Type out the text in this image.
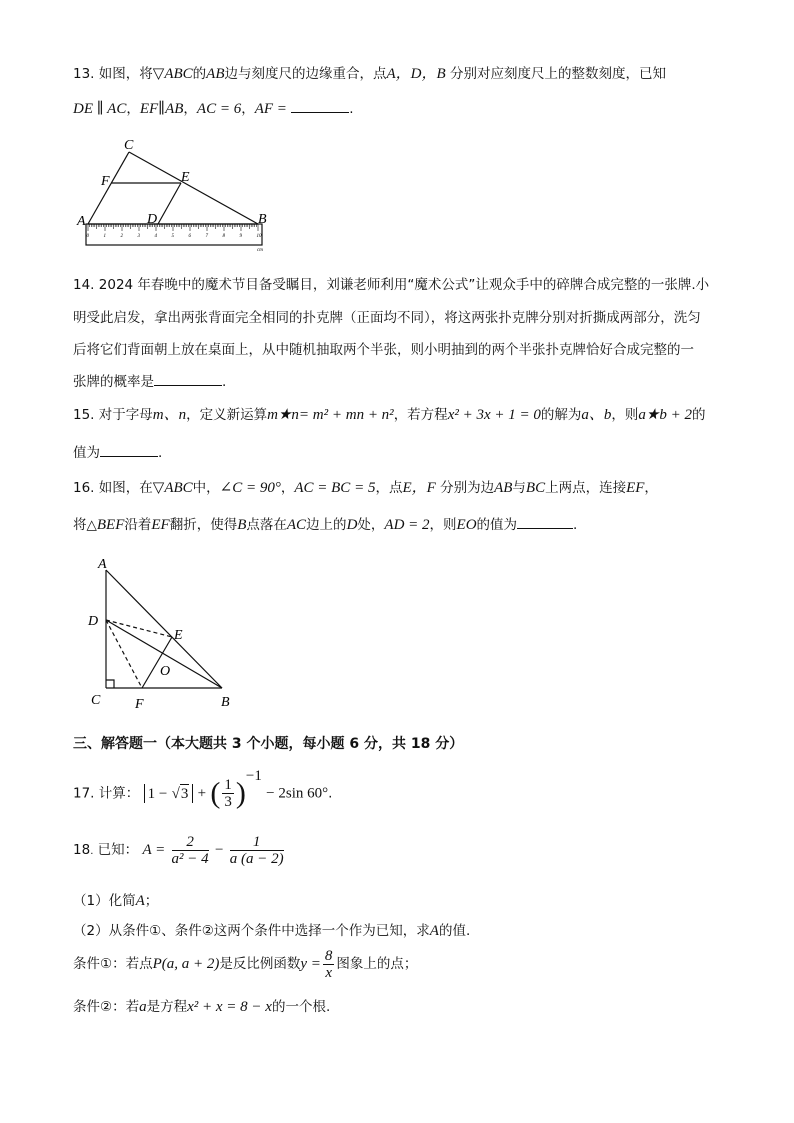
13. 如图，将▽ABC的AB边与刻度尺的边缘重合，点A，D，B 分别对应刻度尺上的整数刻度，已知
DE ∥ AC，EF∥AB，AC = 6，AF =	.
0	1	2	3	4	5	6	7	8	9	10
cm
C
F	E
A	D	B
14. 2024 年春晚中的魔术节目备受瞩目，刘谦老师利用“魔术公式”让观众手中的碎牌合成完整的一张牌.小
明受此启发，拿出两张背面完全相同的扑克牌（正面均不同），将这两张扑克牌分别对折撕成两部分，洗匀
后将它们背面朝上放在桌面上，从中随机抽取两个半张，则小明抽到的两个半张扑克牌恰好合成完整的一
张牌的概率是	.
15. 对于字母m、n，定义新运算m★n= m² + mn + n²，若方程x² + 3x + 1 = 0的解为a、b，则a★b + 2的
值为	.
16. 如图，在▽ABC中，∠C = 90°，AC = BC = 5，点E，F 分别为边AB与BC上两点，连接EF，
将△BEF沿着EF翻折，使得B点落在AC边上的D处，AD = 2，则EO的值为	.
A
D
E
O
C F	B
三、解答题一（本大题共 3 个小题，每小题 6 分，共 18 分）
17. 计算： 1 − √3 + ( $\frac{1}{3} )^{-1} - 2\sin$ 60°.
18. 已知： $A = \frac{2}{\text{a² − 4}} - \frac{1}{a (a - 2)}$
（1）化简A；
（2）从条件①、条件②这两个条件中选择一个作为已知，求A的值.
条件①：若点P(a, a + 2)是反比例函数$y = \frac{8}{x}$ 图象上的点；
条件②：若a是方程x² + x = 8 − x的一个根.
